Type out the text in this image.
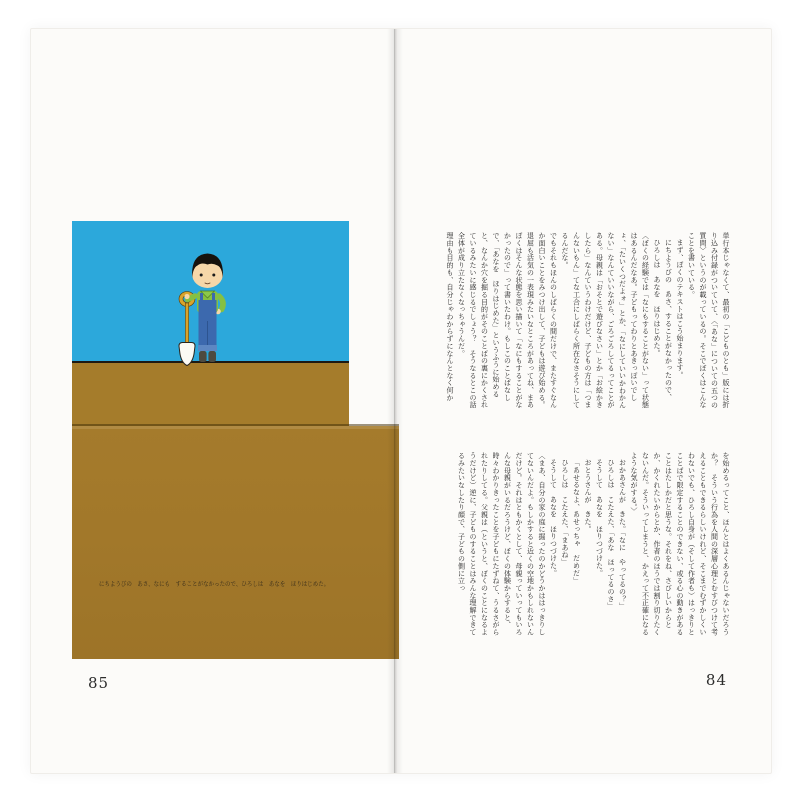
にちようびの　あさ、なにも　することがなかったので、ひろしは　あなを　ほりはじめた。
85

単行本じゃなくて、最初の「こどものとも」版には折り込み付録がついていて、〈「あな」についての五つの質問〉というのが載っているの。そこでぼくはこんなことを書いている。

まず、ぼくのテキストはこう始まります。

にちようびの　あさ、することがなかったので、

ひろしは　あなを　ほりはじめた。

〈ぼくの経験では「なにもすることがない」って状態はあるんだなあ。子どもってわりとあきっぽいでしょ、「たいくつだよォ」とか、「なにしていいかわかんない」なんていいながら、ごろごろしてるってことがある。母親は「おそとで遊びなさい」とか「お絵かきしたら」なんていうわけだけど、子どもの方は「つまんないもん」てな工合にしばらく所在なさそうにしてるんだな。

でもそれもほんのしばらくの間だけで、またすぐなんか面白いことをみつけ出して、子どもは遊び始める。退屈も活気の一表現みたいなところがあってね、まあぼくはそんな状態を思い描いて「なにもすることがなかったので」って書いたわけ。もしこのことばなしで、「あなを　ほりはじめた」というふうに始めると、なんか穴を掘る目的がそのことばの裏にかくされているみたいに感じるでしょう？　そうなるとこの話全体が成り立たなくなっちゃうんだ。

理由も目的も、自分じゃわからずになんとなく何か

を始めるってこと、ほんとはよくあるんじゃないだろうか？　そういう行為を人間の深層心理とむすびつけて考えることもできるらしいけれど、そこまでむずかしくいわないでも、ひろし自身が（そして作者も）はっきりとことばで限定することのできない、或る心の動きがあることはたしかだと思うな。それをね、さびしいからとか、かくれたいからとか、作者のほうでは割り切りたくないんだ。そういってしまうと、かえって不正確になるような気がする。〉

おかあさんが　きた。「なに　やってるの？」

ひろしは　こたえた、「あな　ほってるのさ」

そうして　あなを　ほりつづけた。

おとうさんが　きた。

「あせるなよ、あせっちゃ　だめだ」

ひろしは　こたえた、「まあね」

そうして　あなを　ほりつづけた。

〈まあ、自分の家の庭に掘ったのかどうかははっきりしてないんだよ。もしかすると近くの空地かもしれないんだけど。それはともかくとして、母親っていってもいろんな母親がいるだろうけど、ぼくの体験からすると、時々わかりきったことを子どもにたずねて、うるさがられたりしてる。父親は（というと、ぼくのことになるようだけど）逆に、子どものすることはみんな理解できてるみたいなしたり顔で、子どもの側に立っ

84
